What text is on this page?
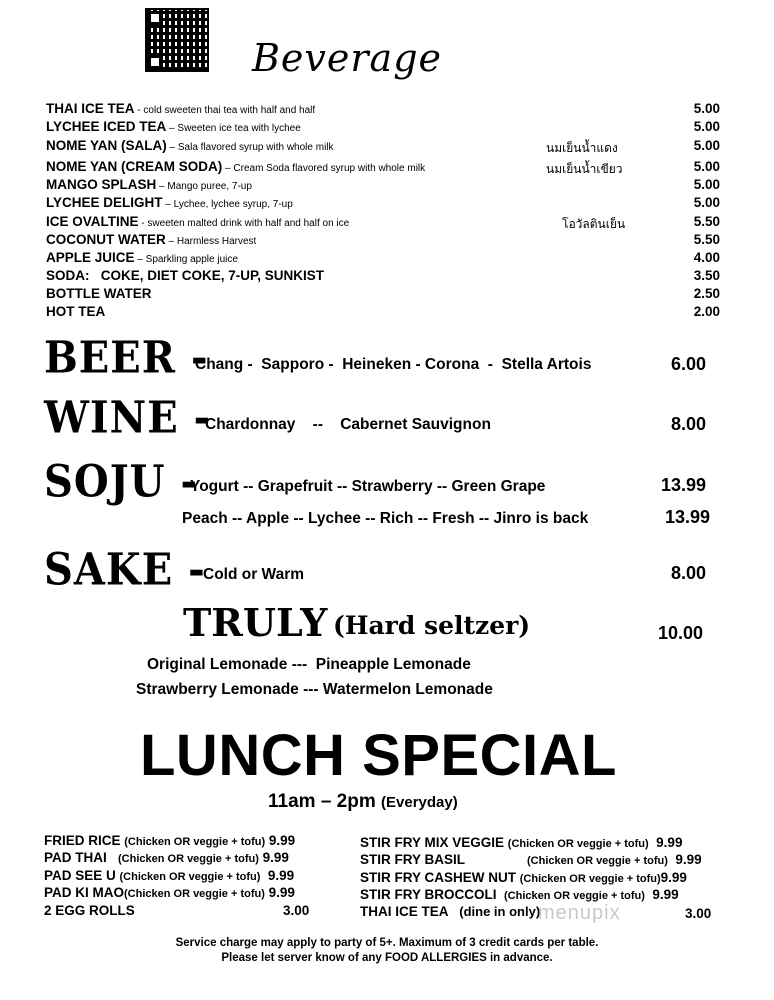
Beverage
THAI ICE TEA - cold sweeten thai tea with half and half	5.00
LYCHEE ICED TEA – Sweeten ice tea with lychee	5.00
NOME YAN (SALA) – Sala flavored syrup with whole milk	นมเย็นน้ำแดง	5.00
NOME YAN (CREAM SODA) – Cream Soda flavored syrup with whole milk	นมเย็นน้ำเขียว	5.00
MANGO SPLASH – Mango puree, 7-up	5.00
LYCHEE DELIGHT – Lychee, lychee syrup, 7-up	5.00
ICE OVALTINE - sweeten malted drink with half and half on ice	โอวัลตินเย็น	5.50
COCONUT WATER – Harmless Harvest	5.50
APPLE JUICE – Sparkling apple juice	4.00
SODA:   COKE, DIET COKE, 7-UP, SUNKIST	3.50
BOTTLE WATER	2.50
HOT TEA	2.00
BEER -
Chang -  Sapporo -  Heineken - Corona  -  Stella Artois	6.00
WINE -
Chardonnay    --    Cabernet Sauvignon	8.00
SOJU -
Yogurt -- Grapefruit -- Strawberry -- Green Grape	13.99
Peach -- Apple -- Lychee -- Rich -- Fresh -- Jinro is back	13.99
SAKE -
Cold or Warm	8.00
TRULY (Hard seltzer)	10.00
Original Lemonade ---  Pineapple Lemonade
Strawberry Lemonade --- Watermelon Lemonade
LUNCH SPECIAL
11am – 2pm (Everyday)
FRIED RICE (Chicken OR veggie + tofu) 9.99
PAD THAI   (Chicken OR veggie + tofu) 9.99
PAD SEE U (Chicken OR veggie + tofu)  9.99
PAD KI MAO(Chicken OR veggie + tofu) 9.99
2 EGG ROLLS	3.00
STIR FRY MIX VEGGIE (Chicken OR veggie + tofu)  9.99
STIR FRY BASIL	(Chicken OR veggie + tofu)  9.99
STIR FRY CASHEW NUT (Chicken OR veggie + tofu)9.99
STIR FRY BROCCOLI  (Chicken OR veggie + tofu)  9.99
THAI ICE TEA   (dine in only)	3.00
menupix
Service charge may apply to party of 5+. Maximum of 3 credit cards per table.
Please let server know of any FOOD ALLERGIES in advance.
